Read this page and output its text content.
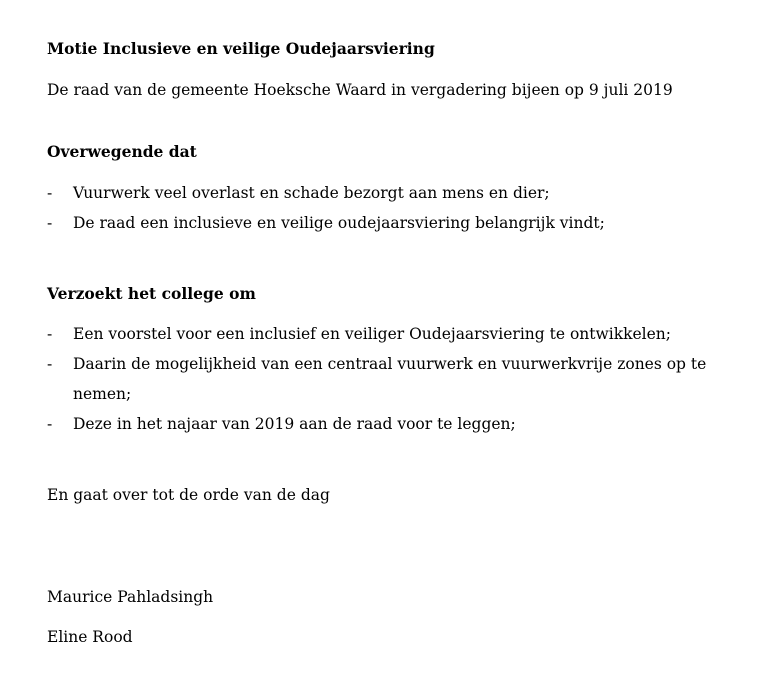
Motie Inclusieve en veilige Oudejaarsviering
De raad van de gemeente Hoeksche Waard in vergadering bijeen op 9 juli 2019
Overwegende dat
- Vuurwerk veel overlast en schade bezorgt aan mens en dier;
- De raad een inclusieve en veilige oudejaarsviering belangrijk vindt;
Verzoekt het college om
- Een voorstel voor een inclusief en veiliger Oudejaarsviering te ontwikkelen;
- Daarin de mogelijkheid van een centraal vuurwerk en vuurwerkvrije zones op te
nemen;
- Deze in het najaar van 2019 aan de raad voor te leggen;
En gaat over tot de orde van de dag
Maurice Pahladsingh
Eline Rood
